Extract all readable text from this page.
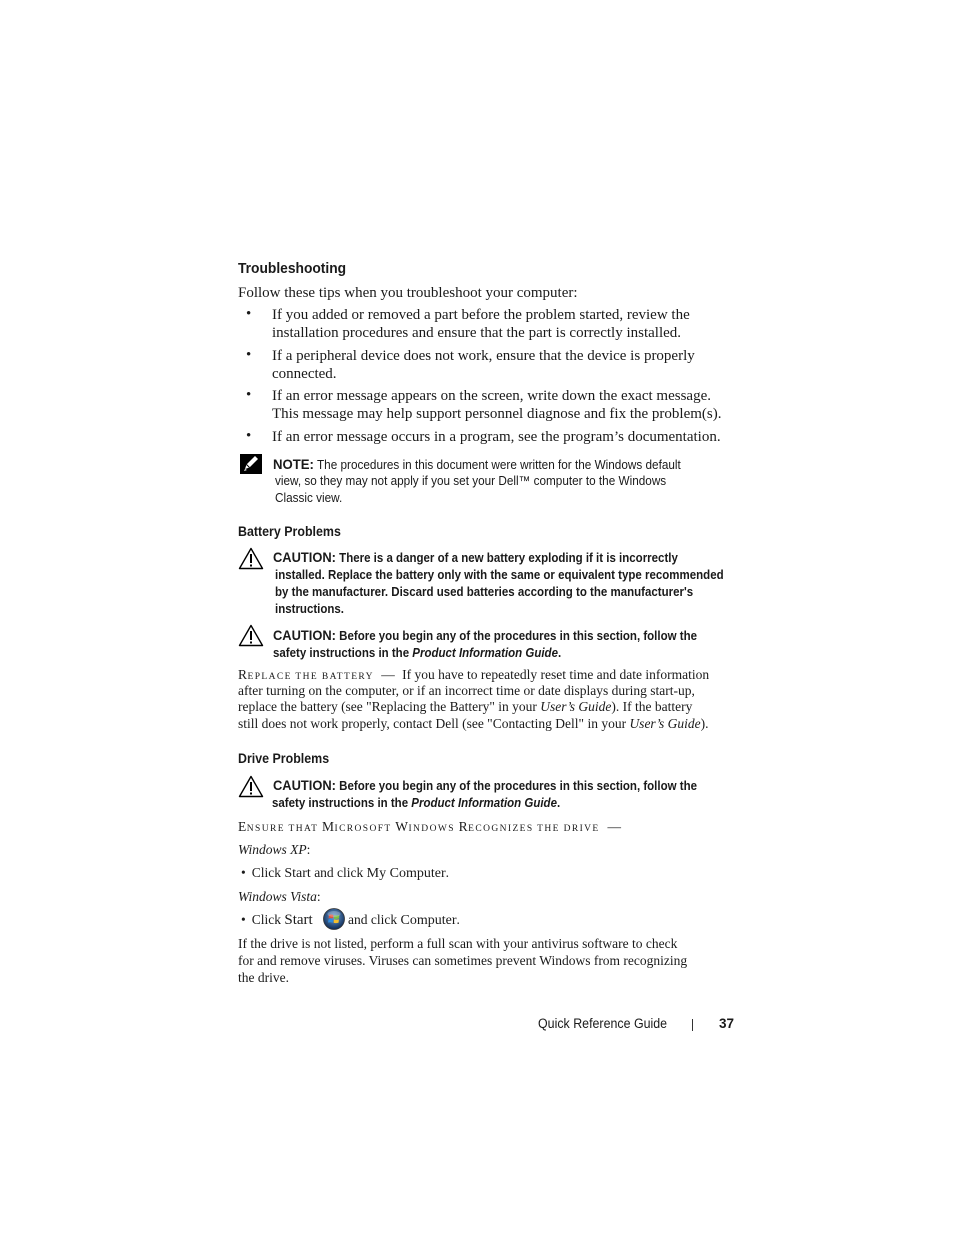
Troubleshooting
Follow these tips when you troubleshoot your computer:
• If you added or removed a part before the problem started, review the
installation procedures and ensure that the part is correctly installed.
• If a peripheral device does not work, ensure that the device is properly
connected.
• If an error message appears on the screen, write down the exact message.
This message may help support personnel diagnose and fix the problem(s).
• If an error message occurs in a program, see the program’s documentation.
NOTE: The procedures in this document were written for the Windows default
view, so they may not apply if you set your Dell™ computer to the Windows
Classic view.
Battery Problems
CAUTION: There is a danger of a new battery exploding if it is incorrectly
installed. Replace the battery only with the same or equivalent type recommended
by the manufacturer. Discard used batteries according to the manufacturer's
instructions.
CAUTION: Before you begin any of the procedures in this section, follow the
safety instructions in the Product Information Guide.
REPLACE THE BATTERY — If you have to repeatedly reset time and date information
after turning on the computer, or if an incorrect time or date displays during start-up,
replace the battery (see "Replacing the Battery" in your User’s Guide). If the battery
still does not work properly, contact Dell (see "Contacting Dell" in your User’s Guide).
Drive Problems
CAUTION: Before you begin any of the procedures in this section, follow the
safety instructions in the Product Information Guide.
ENSURE THAT MICROSOFT WINDOWS RECOGNIZES THE DRIVE —
Windows XP:
• Click Start and click My Computer.
Windows Vista:
• Click Start	and click Computer.
If the drive is not listed, perform a full scan with your antivirus software to check
for and remove viruses. Viruses can sometimes prevent Windows from recognizing
the drive.
Quick Reference Guide	37
